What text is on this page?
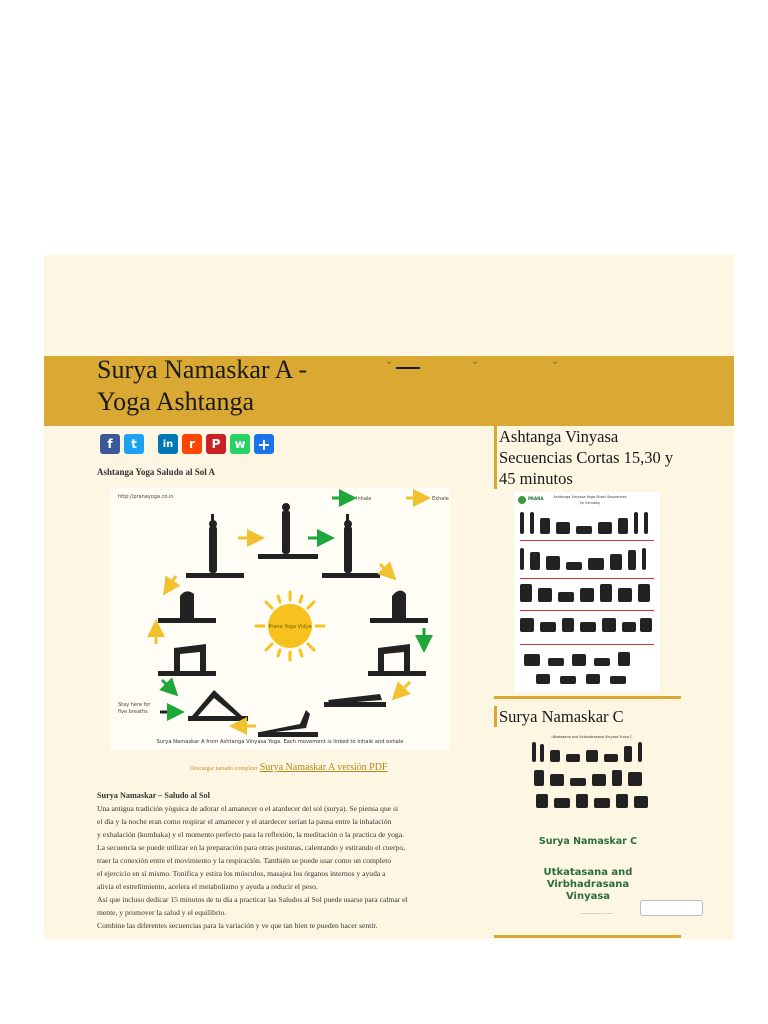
Surya Namaskar A -
Yoga Ashtanga
⌄	⌄	⌄
f t	in r P w +
Ashtanga Yoga Saludo al Sol A
http://pranayoga.co.in	Inhale	Exhale
Stay here for
five breaths
Prana Yoga Vidya
Surya Namaskar A from Ashtanga Vinyasa Yoga. Each movement is linked to Inhale and exhale
Descargar tamaño completo Surya Namaskar A versión PDF
Surya Namaskar – Saludo al Sol
Una antigua tradición yóguica de adorar el amanecer o el atardecer del sol (surya). Se piensa que si
el día y la noche eran como respirar el amanecer y el atardecer serían la pausa entre la inhalación
y exhalación (kumbaka) y el momento perfecto para la reflexión, la meditación o la practica de yoga.
La secuencia se puede utilizar en la preparación para otras posturas, calentando y estirando el cuerpo,
traer la conexión entre el movimiento y la respiración. También se puede usar como un completo
el ejercicio en sí mismo. Tonifica y estira los músculos, masajea los órganos internos y ayuda a
alivia el estreñimiento, acelera el metabolismo y ayuda a reducir el peso.
Así que incluso dedicar 15 minutos de tu día a practicar las Saludos al Sol puede usarse para calmar el
mente, y promover la salud y el equilibrio.
Combine las diferentes secuencias para la variación y ve que tan bien te pueden hacer sentir.
Ashtanga Vinyasa Secuencias Cortas 15,30 y 45 minutos
PRANA	Ashtanga Vinyasa Yoga Short Sequences
(in minutes)
Surya Namaskar C
Utkatasana and Virbhadrasana Vinyasa Surya C
Surya Namaskar C
Utkatasana and
Virbhadrasana
Vinyasa
_ _ _ _ _ _ _ _ _ _
